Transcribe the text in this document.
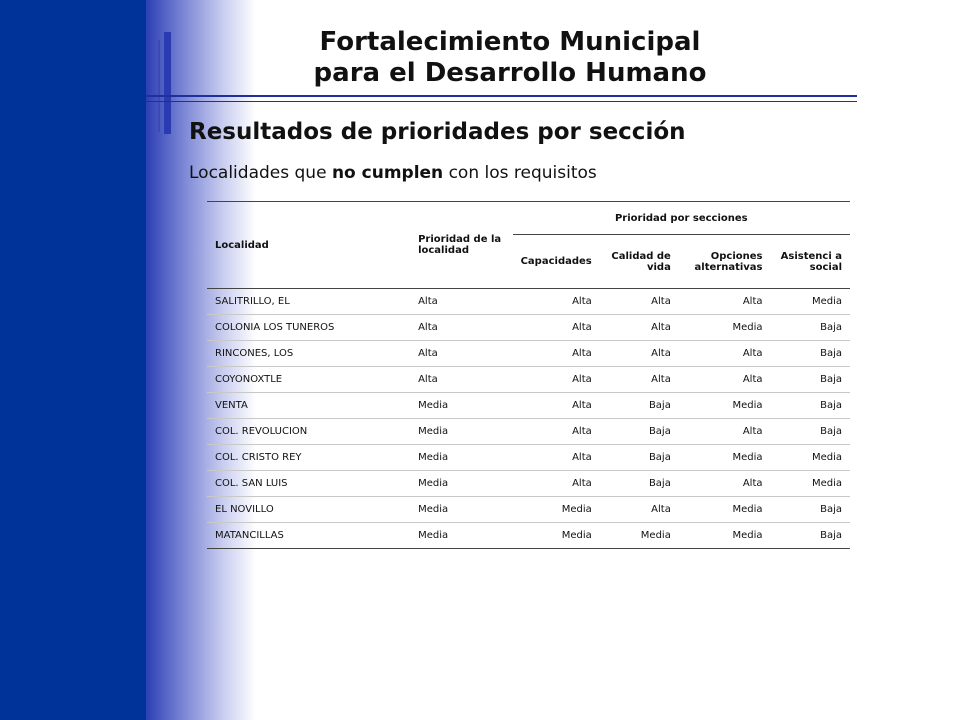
Fortalecimiento Municipal
para el Desarrollo Humano
Resultados de prioridades por sección
Localidades que no cumplen con los requisitos
Localidad	Prioridad de la localidad	Prioridad por secciones			
		Capacidades	Calidad de vida	Opciones alternativas	Asistenci a social
SALITRILLO, EL	Alta	Alta	Alta	Alta	Media
COLONIA LOS TUNEROS	Alta	Alta	Alta	Media	Baja
RINCONES, LOS	Alta	Alta	Alta	Alta	Baja
COYONOXTLE	Alta	Alta	Alta	Alta	Baja
VENTA	Media	Alta	Baja	Media	Baja
COL. REVOLUCION	Media	Alta	Baja	Alta	Baja
COL. CRISTO REY	Media	Alta	Baja	Media	Media
COL. SAN LUIS	Media	Alta	Baja	Alta	Media
EL NOVILLO	Media	Media	Alta	Media	Baja
MATANCILLAS	Media	Media	Media	Media	Baja
